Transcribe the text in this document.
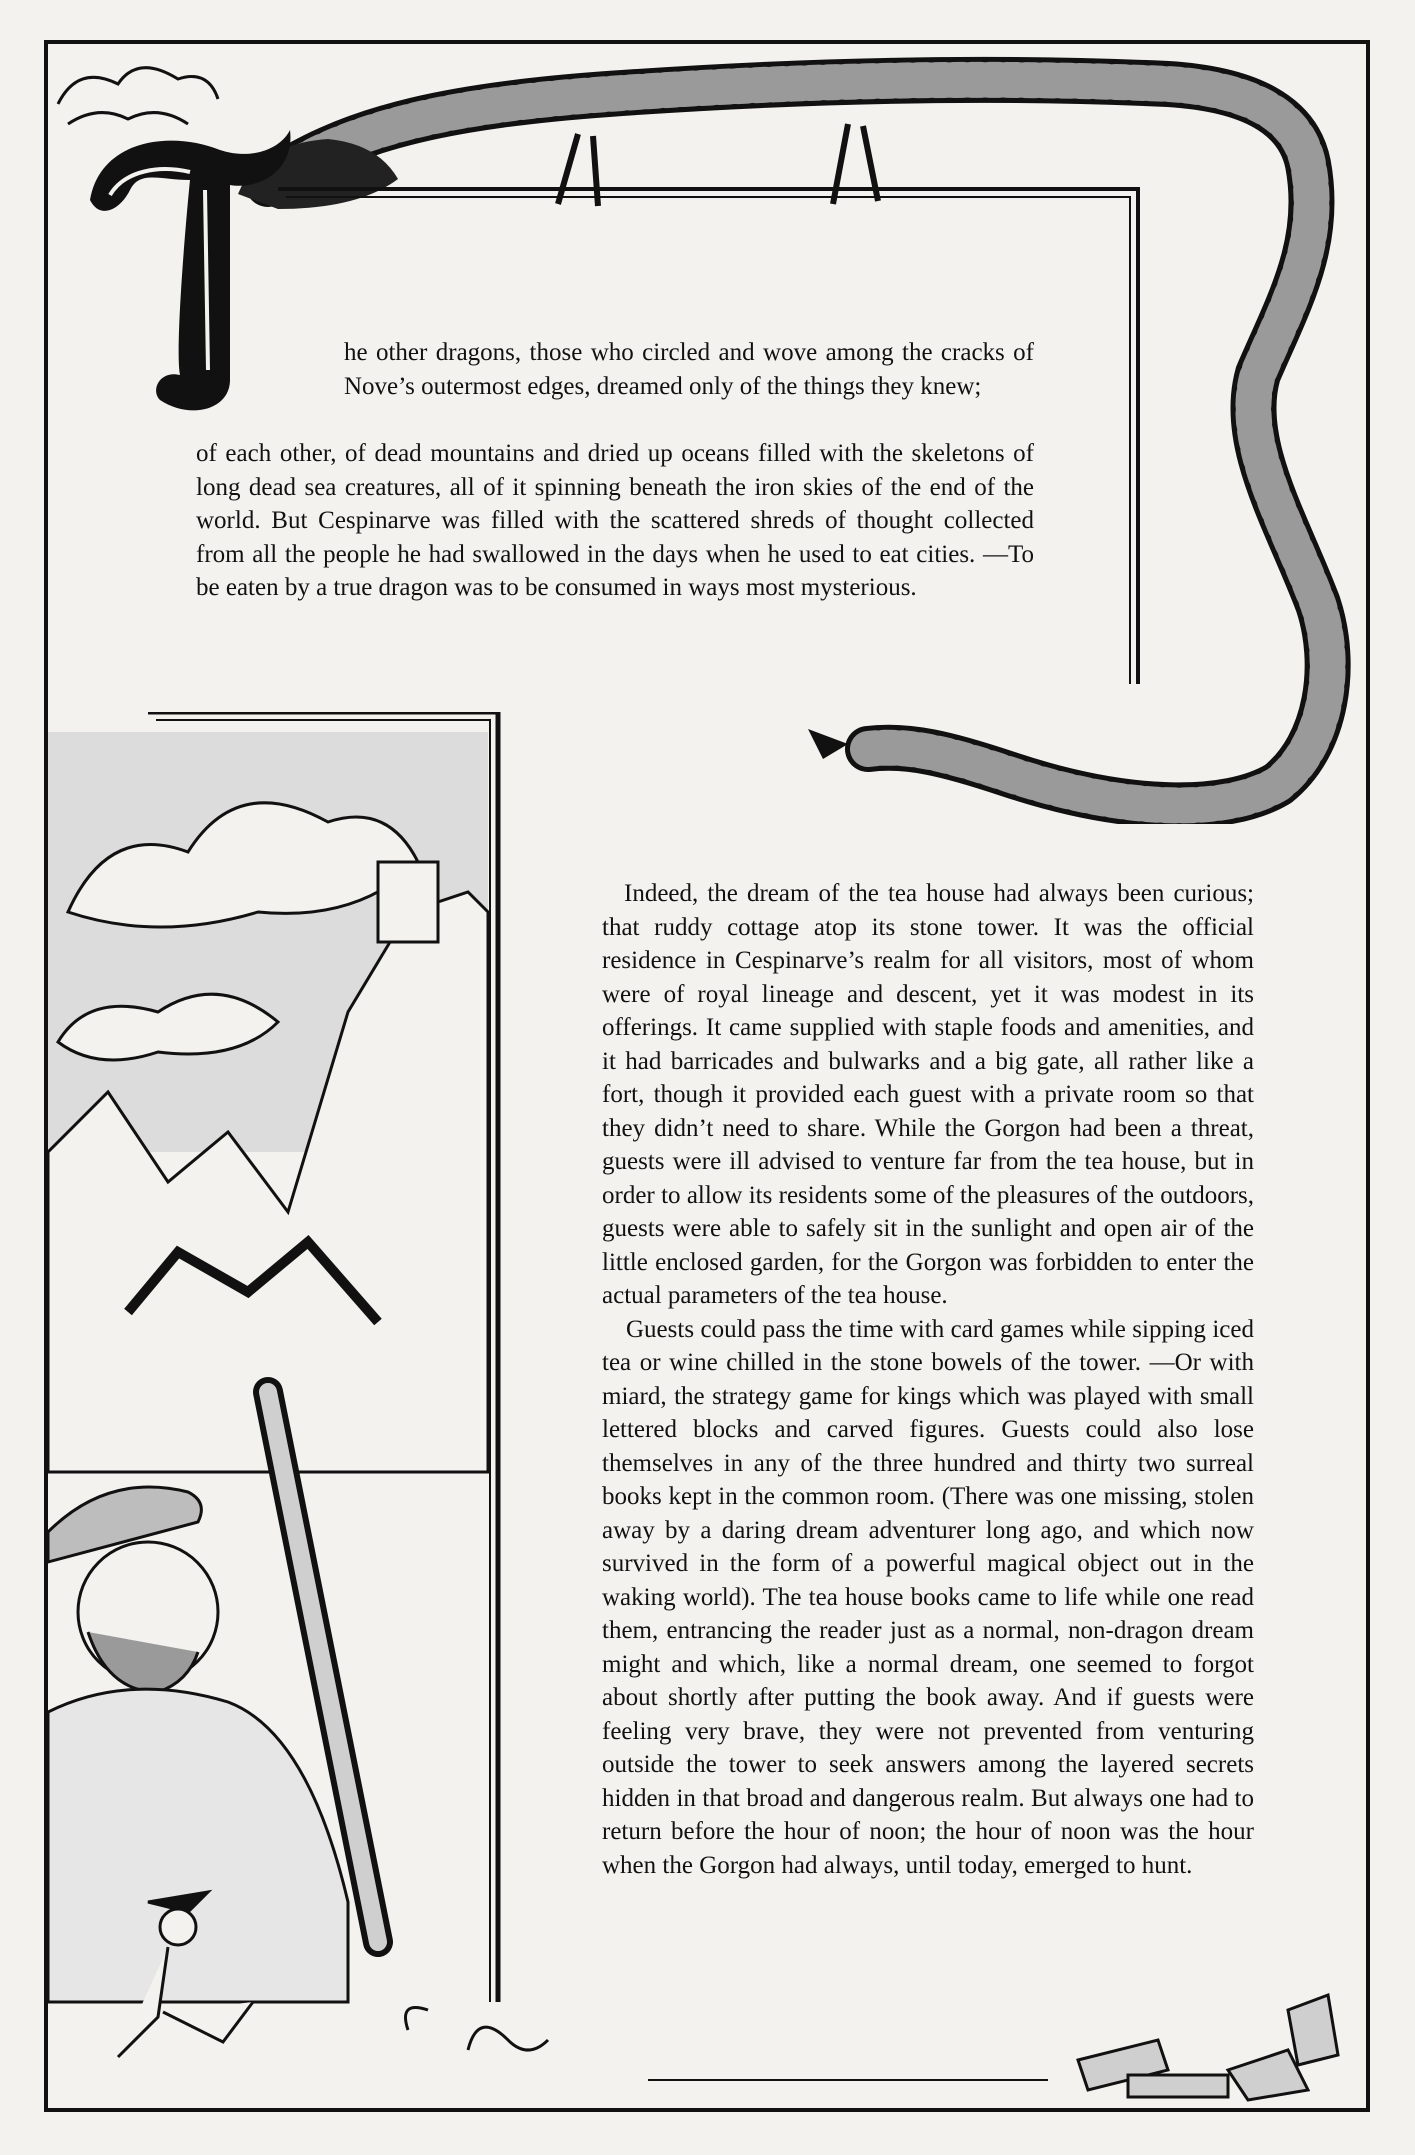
T

he other dragons, those who circled and wove among the cracks of Nove’s outermost edges, dreamed only of the things they knew;

of each other, of dead mountains and dried up oceans filled with the skeletons of long dead sea creatures, all of it spinning beneath the iron skies of the end of the world. But Cespinarve was filled with the scattered shreds of thought collected from all the people he had swallowed in the days when he used to eat cities. —To be eaten by a true dragon was to be consumed in ways most mysterious.

Indeed, the dream of the tea house had always been curious; that ruddy cottage atop its stone tower. It was the official residence in Cespinarve’s realm for all visitors, most of whom were of royal lineage and descent, yet it was modest in its offerings. It came supplied with staple foods and amenities, and it had barricades and bulwarks and a big gate, all rather like a fort, though it provided each guest with a private room so that they didn’t need to share. While the Gorgon had been a threat, guests were ill advised to venture far from the tea house, but in order to allow its residents some of the pleasures of the outdoors, guests were able to safely sit in the sunlight and open air of the little enclosed garden, for the Gorgon was forbidden to enter the actual parameters of the tea house.

Guests could pass the time with card games while sipping iced tea or wine chilled in the stone bowels of the tower. —Or with miard, the strategy game for kings which was played with small lettered blocks and carved figures. Guests could also lose themselves in any of the three hundred and thirty two surreal books kept in the common room. (There was one missing, stolen away by a daring dream adventurer long ago, and which now survived in the form of a powerful magical object out in the waking world). The tea house books came to life while one read them, entrancing the reader just as a normal, non-dragon dream might and which, like a normal dream, one seemed to forgot about shortly after putting the book away. And if guests were feeling very brave, they were not prevented from venturing outside the tower to seek answers among the layered secrets hidden in that broad and dangerous realm. But always one had to return before the hour of noon; the hour of noon was the hour when the Gorgon had always, until today, emerged to hunt.
